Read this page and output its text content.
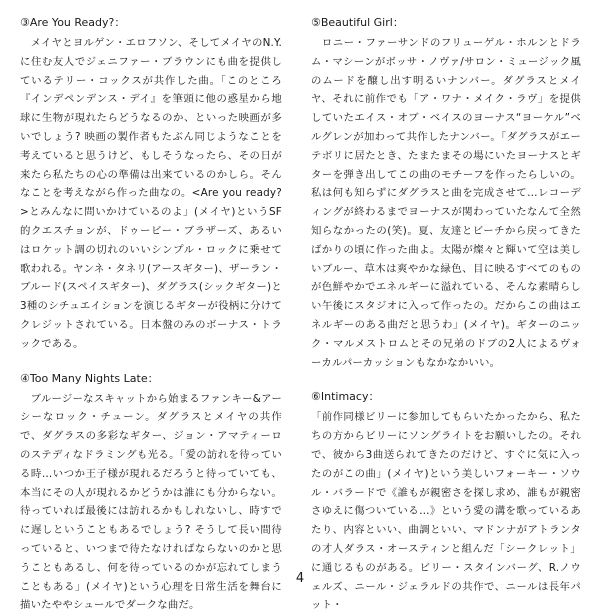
③Are You Ready?：

　メイヤとヨルゲン・エロフソン、そしてメイヤのN.Y.に住む友人でジェニファー・ブラウンにも曲を提供しているテリー・コックスが共作した曲。「このところ『インデペンデンス・デイ』を筆頭に他の惑星から地球に生物が現れたらどうなるのか、といった映画が多いでしょう? 映画の製作者もたぶん同じようなことを考えていると思うけど、もしそうなったら、その日が来たら私たちの心の準備は出来ているのかしら。そんなことを考えながら作った曲なの。<Are you ready?>とみんなに問いかけているのよ」(メイヤ)というSF的クエスチョンが、ドゥービー・ブラザーズ、あるいはロケット調の切れのいいシンプル・ロックに乗せて歌われる。ヤンネ・タネリ(アースギター)、ザーラン・ブルード(スペイスギター)、ダグラス(シックギター)と3種のシチュエイションを演じるギターが役柄に分けてクレジットされている。日本盤のみのボーナス・トラックである。

④Too Many Nights Late：

　ブルージーなスキャットから始まるファンキー&アーシーなロック・チューン。ダグラスとメイヤの共作で、ダグラスの多彩なギター、ジョン・アマティーロのステディなドラミングも光る。「愛の訪れを待っている時…いつか王子様が現れるだろうと待っていても、本当にその人が現れるかどうかは誰にも分からない。待っていれば最後には訪れるかもしれないし、時すでに遅しということもあるでしょう? そうして長い間待っていると、いつまで待たなければならないのかと思うこともあるし、何を待っているのかが忘れてしまうこともある」(メイヤ)という心理を日常生活を舞台に描いたややシュールでダークな曲だ。

⑤Beautiful Girl：

　ロニー・ファーサンドのフリューゲル・ホルンとドラム・マシーンがボッサ・ノヴァ/サロン・ミュージック風のムードを醸し出す明るいナンバー。ダグラスとメイヤ、それに前作でも「ア・ワナ・メイク・ラヴ」を提供していたエイス・オブ・ベイスのヨーナス“ヨーケル”ベルグレンが加わって共作したナンバー。「ダグラスがエーテボリに居たとき、たまたまその場にいたヨーナスとギターを弾き出してこの曲のモチーフを作ったらしいの。私は何も知らずにダグラスと曲を完成させて…レコーディングが終わるまでヨーナスが関わっていたなんて全然知らなかったの(笑)。夏、友達とビーチから戻ってきたばかりの頃に作った曲よ。太陽が燦々と輝いて空は美しいブルー、草木は爽やかな緑色、目に映るすべてのものが色鮮やかでエネルギーに溢れている、そんな素晴らしい午後にスタジオに入って作ったの。だからこの曲はエネルギーのある曲だと思うわ」(メイヤ)。ギターのニック・マルメストロムとその兄弟のドブの2人によるヴォーカルパーカッションもなかなかいい。

⑥Intimacy：

「前作同様ビリーに参加してもらいたかったから、私たちの方からビリーにソングライトをお願いしたの。それで、彼から3曲送られてきたのだけど、すぐに気に入ったのがこの曲」(メイヤ)という美しいフォーキー・ソウル・バラードで《誰もが親密さを探し求め、誰もが親密さゆえに傷ついている…》という愛の溝を歌っているあたり、内容といい、曲調といい、マドンナがアトランタの才人ダラス・オースティンと組んだ「シークレット」に通じるものがある。ビリー・スタインバーグ、R.ノウェルズ、ニール・ジェラルドの共作で、ニールは長年パット・

4
